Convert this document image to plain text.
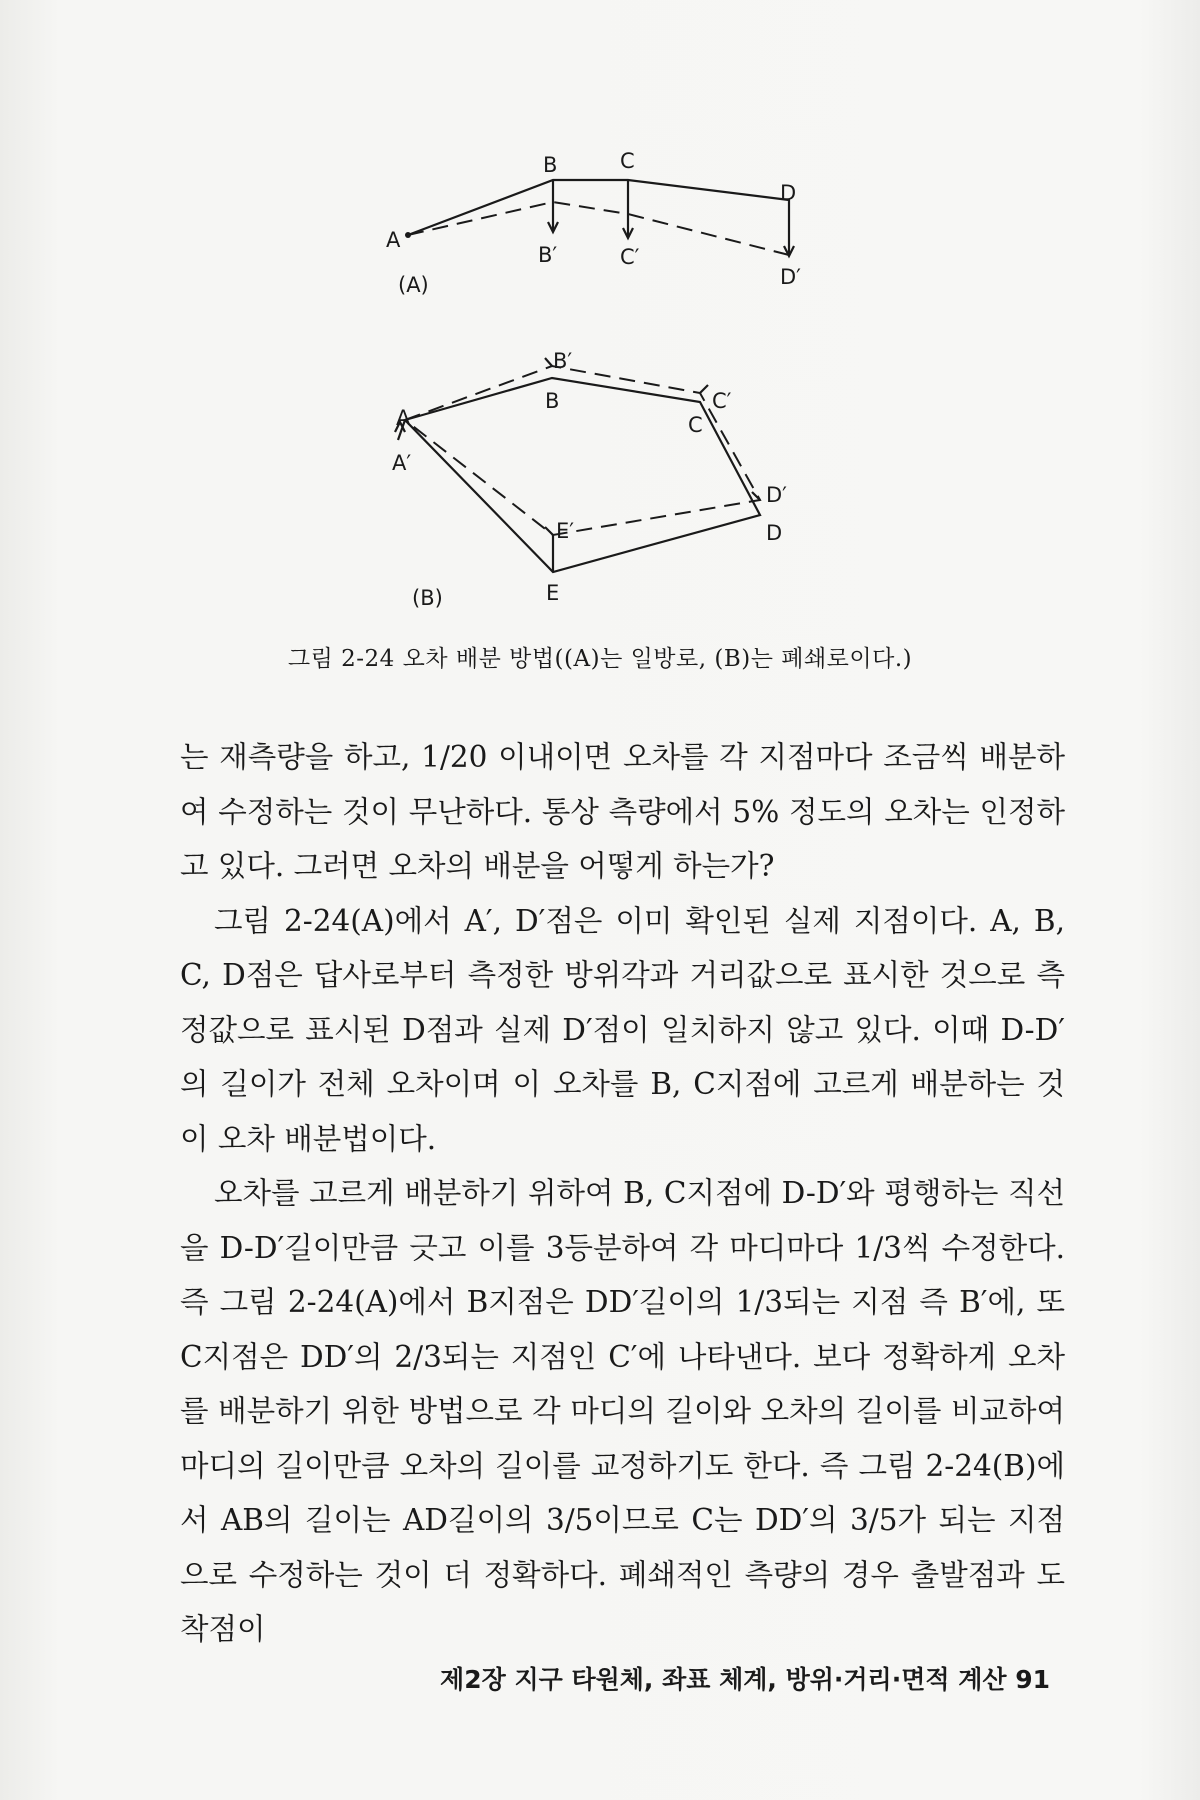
A
B	C
D
B′	C′
D′
(A)
A
A′
B′
B	C′
C
D′
D
E′
E
(B)
그림 2-24 오차 배분 방법((A)는 일방로, (B)는 폐쇄로이다.)

는 재측량을 하고, 1/20 이내이면 오차를 각 지점마다 조금씩 배분하여 수정하는 것이 무난하다. 통상 측량에서 5% 정도의 오차는 인정하고 있다. 그러면 오차의 배분을 어떻게 하는가?

그림 2-24(A)에서 A′, D′점은 이미 확인된 실제 지점이다. A, B, C, D점은 답사로부터 측정한 방위각과 거리값으로 표시한 것으로 측정값으로 표시된 D점과 실제 D′점이 일치하지 않고 있다. 이때 D-D′의 길이가 전체 오차이며 이 오차를 B, C지점에 고르게 배분하는 것이 오차 배분법이다.

오차를 고르게 배분하기 위하여 B, C지점에 D-D′와 평행하는 직선을 D-D′길이만큼 긋고 이를 3등분하여 각 마디마다 1/3씩 수정한다. 즉 그림 2-24(A)에서 B지점은 DD′길이의 1/3되는 지점 즉 B′에, 또 C지점은 DD′의 2/3되는 지점인 C′에 나타낸다. 보다 정확하게 오차를 배분하기 위한 방법으로 각 마디의 길이와 오차의 길이를 비교하여 마디의 길이만큼 오차의 길이를 교정하기도 한다. 즉 그림 2-24(B)에서 AB의 길이는 AD길이의 3/5이므로 C는 DD′의 3/5가 되는 지점으로 수정하는 것이 더 정확하다. 폐쇄적인 측량의 경우 출발점과 도착점이

제2장 지구 타원체, 좌표 체계, 방위·거리·면적 계산 91
